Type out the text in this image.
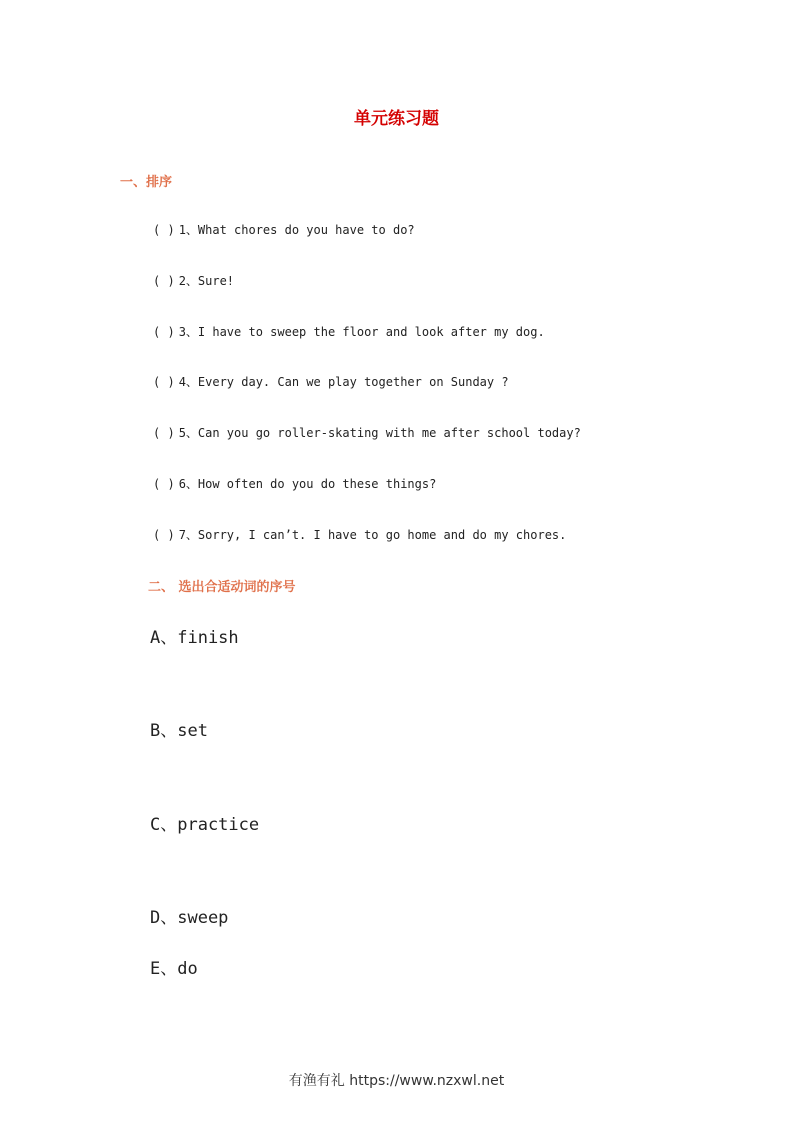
单元练习题
一、排序
( ) 1、What chores do you have to do?
( ) 2、Sure!
( ) 3、I have to sweep the floor and look after my dog.
( ) 4、Every day. Can we play together on Sunday ?
( ) 5、Can you go roller-skating with me after school today?
( ) 6、How often do you do these things?
( ) 7、Sorry, I can’t. I have to go home and do my chores.
二、 选出合适动词的序号

A、finish

B、set

C、practice

D、sweep

E、do

有渔有礼 https://www.nzxwl.net
